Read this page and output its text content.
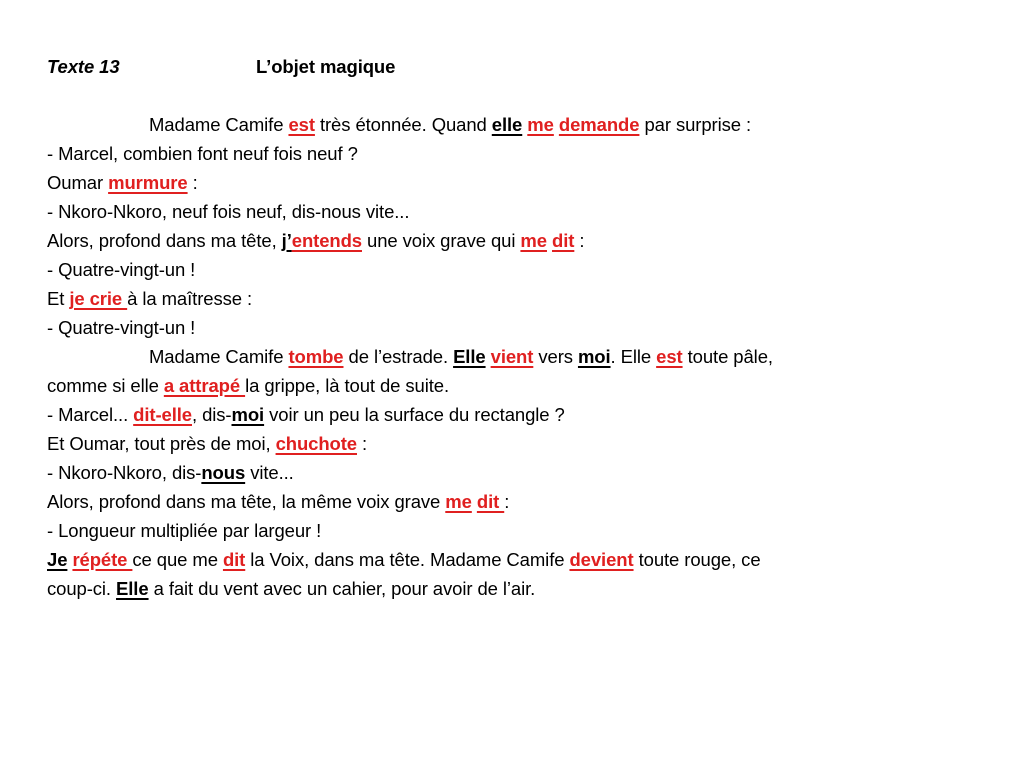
Texte 13	L’objet magique
Madame Camife est très étonnée. Quand elle me demande par surprise :
- Marcel, combien font neuf fois neuf ?
Oumar murmure :
- Nkoro-Nkoro, neuf fois neuf, dis-nous vite...
Alors, profond dans ma tête, j’entends une voix grave qui me dit :
- Quatre-vingt-un !
Et je crie à la maîtresse :
- Quatre-vingt-un !
Madame Camife tombe de l’estrade. Elle vient vers moi. Elle est toute pâle,
comme si elle a attrapé la grippe, là tout de suite.
- Marcel... dit-elle, dis-moi voir un peu la surface du rectangle ?
Et Oumar, tout près de moi, chuchote :
- Nkoro-Nkoro, dis-nous vite...
Alors, profond dans ma tête, la même voix grave me dit :
- Longueur multipliée par largeur !
Je répéte ce que me dit la Voix, dans ma tête. Madame Camife devient toute rouge, ce
coup-ci. Elle a fait du vent avec un cahier, pour avoir de l’air.
